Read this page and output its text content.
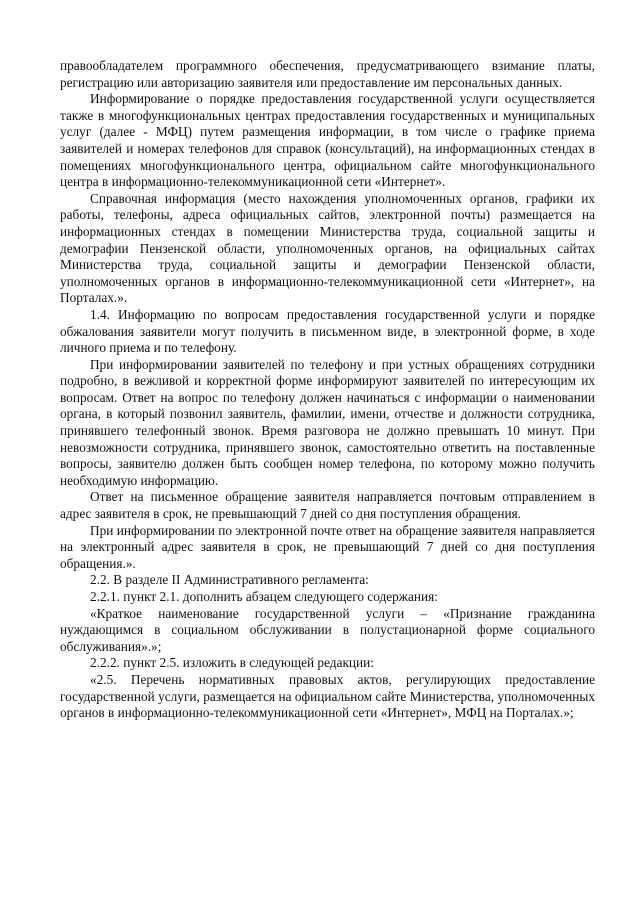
правообладателем программного обеспечения, предусматривающего взимание платы, регистрацию или авторизацию заявителя или предоставление им персональных данных.

Информирование о порядке предоставления государственной услуги осуществляется также в многофункциональных центрах предоставления государственных и муниципальных услуг (далее - МФЦ) путем размещения информации, в том числе о графике приема заявителей и номерах телефонов для справок (консультаций), на информационных стендах в помещениях многофункционального центра, официальном сайте многофункционального центра в информационно-телекоммуникационной сети «Интернет».

Справочная информация (место нахождения уполномоченных органов, графики их работы, телефоны, адреса официальных сайтов, электронной почты) размещается на информационных стендах в помещении Министерства труда, социальной защиты и демографии Пензенской области, уполномоченных органов, на официальных сайтах Министерства труда, социальной защиты и демографии Пензенской области, уполномоченных органов в информационно-телекоммуникационной сети «Интернет», на Порталах.».

1.4. Информацию по вопросам предоставления государственной услуги и порядке обжалования заявители могут получить в письменном виде, в электронной форме, в ходе личного приема и по телефону.

При информировании заявителей по телефону и при устных обращениях сотрудники подробно, в вежливой и корректной форме информируют заявителей по интересующим их вопросам. Ответ на вопрос по телефону должен начинаться с информации о наименовании органа, в который позвонил заявитель, фамилии, имени, отчестве и должности сотрудника, принявшего телефонный звонок. Время разговора не должно превышать 10 минут. При невозможности сотрудника, принявшего звонок, самостоятельно ответить на поставленные вопросы, заявителю должен быть сообщен номер телефона, по которому можно получить необходимую информацию.

Ответ на письменное обращение заявителя направляется почтовым отправлением в адрес заявителя в срок, не превышающий 7 дней со дня поступления обращения.

При информировании по электронной почте ответ на обращение заявителя направляется на электронный адрес заявителя в срок, не превышающий 7 дней со дня поступления обращения.».

2.2. В разделе II Административного регламента:

2.2.1. пункт 2.1. дополнить абзацем следующего содержания:

«Краткое наименование государственной услуги – «Признание гражданина нуждающимся в социальном обслуживании в полустационарной форме социального обслуживания».»;

2.2.2. пункт 2.5. изложить в следующей редакции:

«2.5. Перечень нормативных правовых актов, регулирующих предоставление государственной услуги, размещается на официальном сайте Министерства, уполномоченных органов в информационно-телекоммуникационной сети «Интернет», МФЦ на Порталах.»;
